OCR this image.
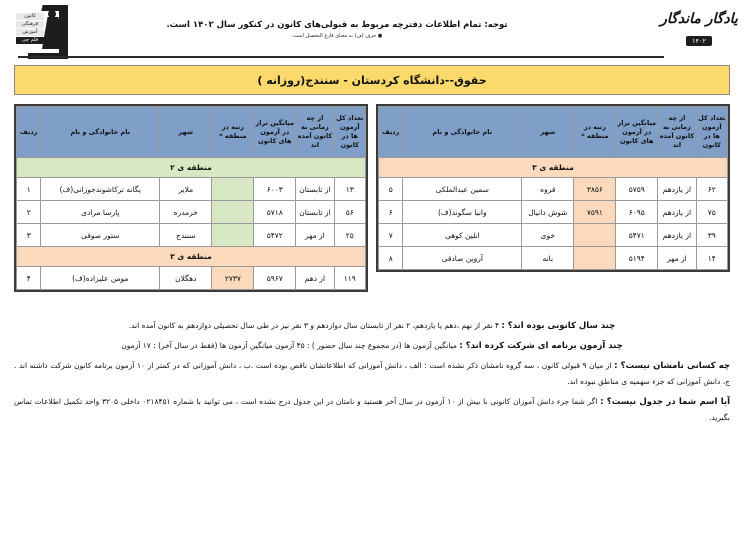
کانون
فرهنگی
آموزش
قلم چی
توجه: تمام اطلاعات دفترچه مربوط به قبولی‌های کانون در کنکور سال ۱۴۰۲ است.
● حرف (ف) به معنای فارغ التحصیل است.
یادگار ماندگار
۱۴۰۲
حقوق--دانشگاه کردستان - سنندج(روزانه )
تعداد کل آزمون ها در کانون	از چه زمانی به کانون آمده اند	میانگین تراز در آزمون های کانون	رتبه در منطقه *	شهر	نام خانوادگی و نام	ردیف
منطقه ی ۳						
۶۲	از یازدهم	۵۷۵۹	۳۸۵۶	قروه	سمین عبدالملکی	۵
۷۵	از یازدهم	۶۰۹۵	۷۵۹۱	شوش دانیال	وانیا سگوند(ف)	۶
۳۹	از یازدهم	۵۴۷۱		خوی	انلین کوهی	۷
۱۴	از مهر	۵۱۹۴		بانه	آروین صادقی	۸
تعداد کل آزمون ها در کانون	از چه زمانی به کانون آمده اند	میانگین تراز در آزمون های کانون	رتبه در منطقه *	شهر	نام خانوادگی و نام	ردیف
منطقه ی ۲						
۱۳	از تابستان	۶۰۰۳		ملایر	یگانه ترکاشوندجوزانی(ف)	۱
۵۶	از تابستان	۵۷۱۸		خرمدره	پارسا مرادی	۲
۲۵	از مهر	۵۴۷۲		سنندج	ستور صوفی	۳
منطقه ی ۳						
۱۱۹	از دهم	۵۹۶۷	۲۷۳۷	دهگلان	مومن علیزاده(ف)	۴
چند سال کانونی بوده اند؟ : ۴ نفر از نهم ،دهم یا یازدهم، ۲ نفر از تابستان سال دوازدهم و ۳ نفر نیز در طی سال تحصیلی دوازدهم به کانون آمده اند.
چند آزمون برنامه ای شرکت کرده اند؟ : میانگین آزمون ها (در مجموع چند سال حضور ) : ۴۵ آزمون میانگین آزمون ها (فقط در سال آخر) : ۱۷ آزمون
چه کسانی نامشان نیست؟ : از میان ۹ قبولی کانون ، سه گروه نامشان ذکر نشده است : الف ، دانش آموزانی که اطلاعاتشان ناقص بوده است .ب ، دانش آموزانی که در کمتر از ۱۰ آزمون برنامه کانون شرکت داشته اند . ج، دانش آموزانی که جزء سهمیه ی مناطق نبوده اند.
آیا اسم شما در جدول نیست؟ : اگر شما جزء دانش آموزان کانونی با بیش از ۱۰ آزمون در سال آخر هستید و نامتان در این جدول درج نشده است ، می توانید با شماره ۰۲۱۸۴۵۱ داخلی ۳۲۰۵ واحد تکمیل اطلاعات تماس بگیرید.
